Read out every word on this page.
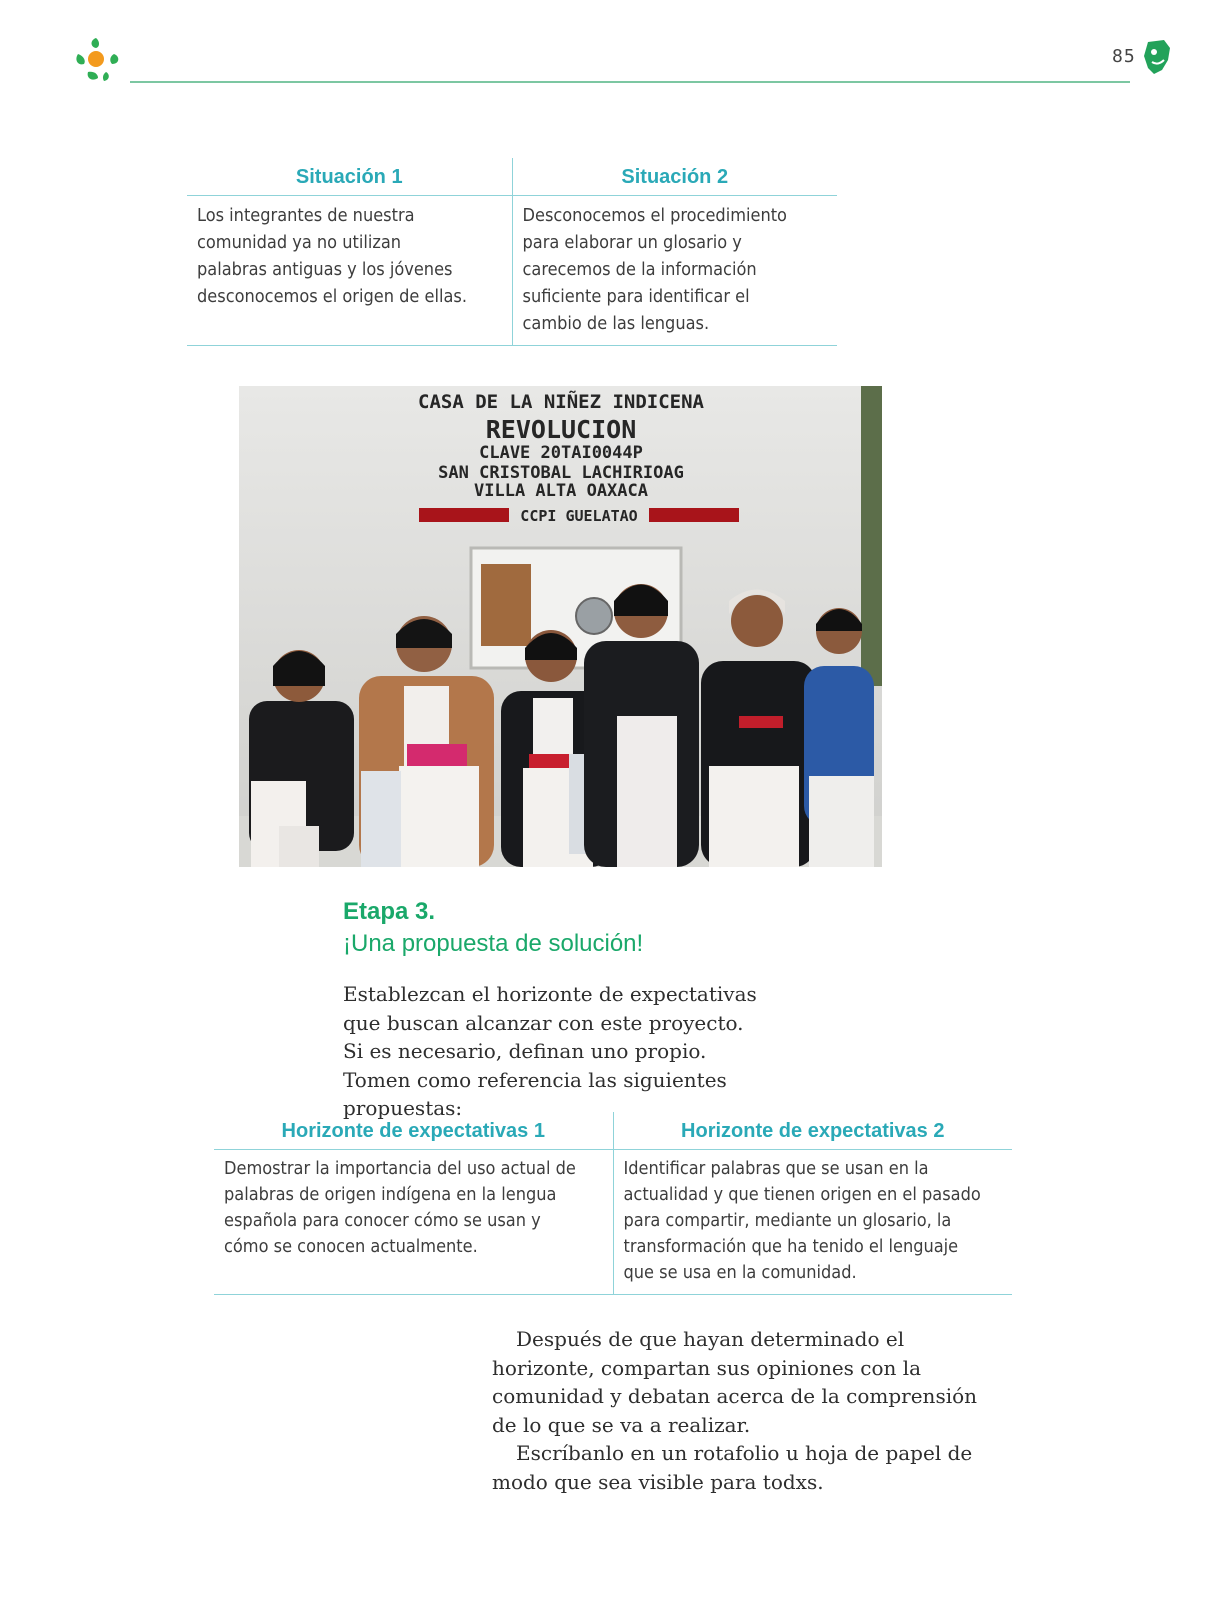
85
Situación 1	Situación 2
Los integrantes de nuestra comunidad ya no utilizan palabras antiguas y los jóvenes desconocemos el origen de ellas.	Desconocemos el procedimiento para elaborar un glosario y carecemos de la información suficiente para identificar el cambio de las lenguas.
CASA DE LA NIÑEZ INDICENA
REVOLUCION
CLAVE 20TAI0044P
SAN CRISTOBAL LACHIRIOAG
VILLA ALTA OAXACA
CCPI GUELATAO
Etapa 3.
¡Una propuesta de solución!
Establezcan el horizonte de expectativas que buscan alcanzar con este proyecto. Si es necesario, definan uno propio. Tomen como referencia las siguientes propuestas:
Horizonte de expectativas 1	Horizonte de expectativas 2
Demostrar la importancia del uso actual de palabras de origen indígena en la lengua española para conocer cómo se usan y cómo se conocen actualmente.	Identificar palabras que se usan en la actualidad y que tienen origen en el pasado para compartir, mediante un glosario, la transformación que ha tenido el lenguaje que se usa en la comunidad.
Después de que hayan determinado el horizonte, compartan sus opiniones con la comunidad y debatan acerca de la comprensión de lo que se va a realizar.
Escríbanlo en un rotafolio u hoja de papel de modo que sea visible para todxs.
